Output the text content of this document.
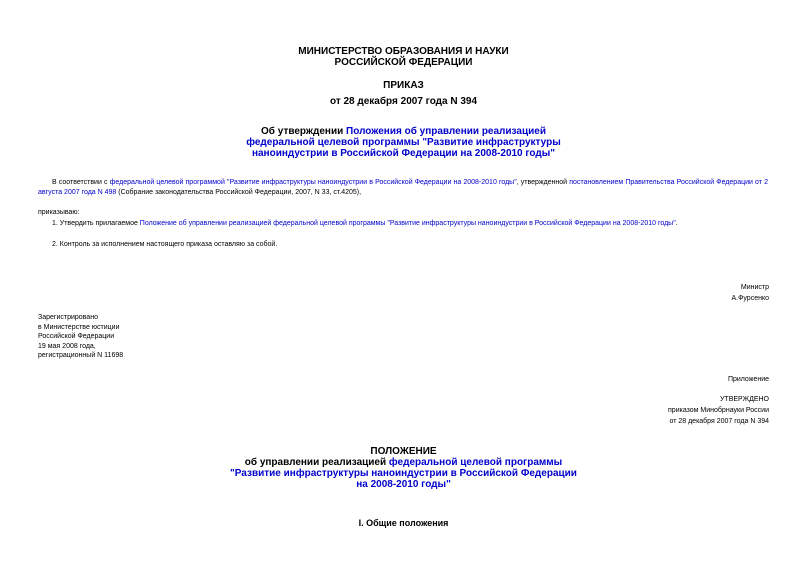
МИНИСТЕРСТВО ОБРАЗОВАНИЯ И НАУКИ
РОССИЙСКОЙ ФЕДЕРАЦИИ
ПРИКАЗ
от 28 декабря 2007 года N 394
Об утверждении Положения об управлении реализацией
федеральной целевой программы "Развитие инфраструктуры
наноиндустрии в Российской Федерации на 2008-2010 годы"
В соответствии с федеральной целевой программой "Развитие инфраструктуры наноиндустрии в Российской Федерации на 2008-2010 годы", утвержденной постановлением Правительства Российской Федерации от 2 августа 2007 года N 498 (Собрание законодательства Российской Федерации, 2007, N 33, ст.4205),
приказываю:
1. Утвердить прилагаемое Положение об управлении реализацией федеральной целевой программы "Развитие инфраструктуры наноиндустрии в Российской Федерации на 2008-2010 годы".
2. Контроль за исполнением настоящего приказа оставляю за собой.
Министр
А.Фурсенко
Зарегистрировано
в Министерстве юстиции
Российской Федерации
19 мая 2008 года,
регистрационный N 11698
Приложение
УТВЕРЖДЕНО
приказом Минобрнауки России
от 28 декабря 2007 года N 394
ПОЛОЖЕНИЕ
об управлении реализацией федеральной целевой программы
"Развитие инфраструктуры наноиндустрии в Российской Федерации
на 2008-2010 годы"
I. Общие положения
